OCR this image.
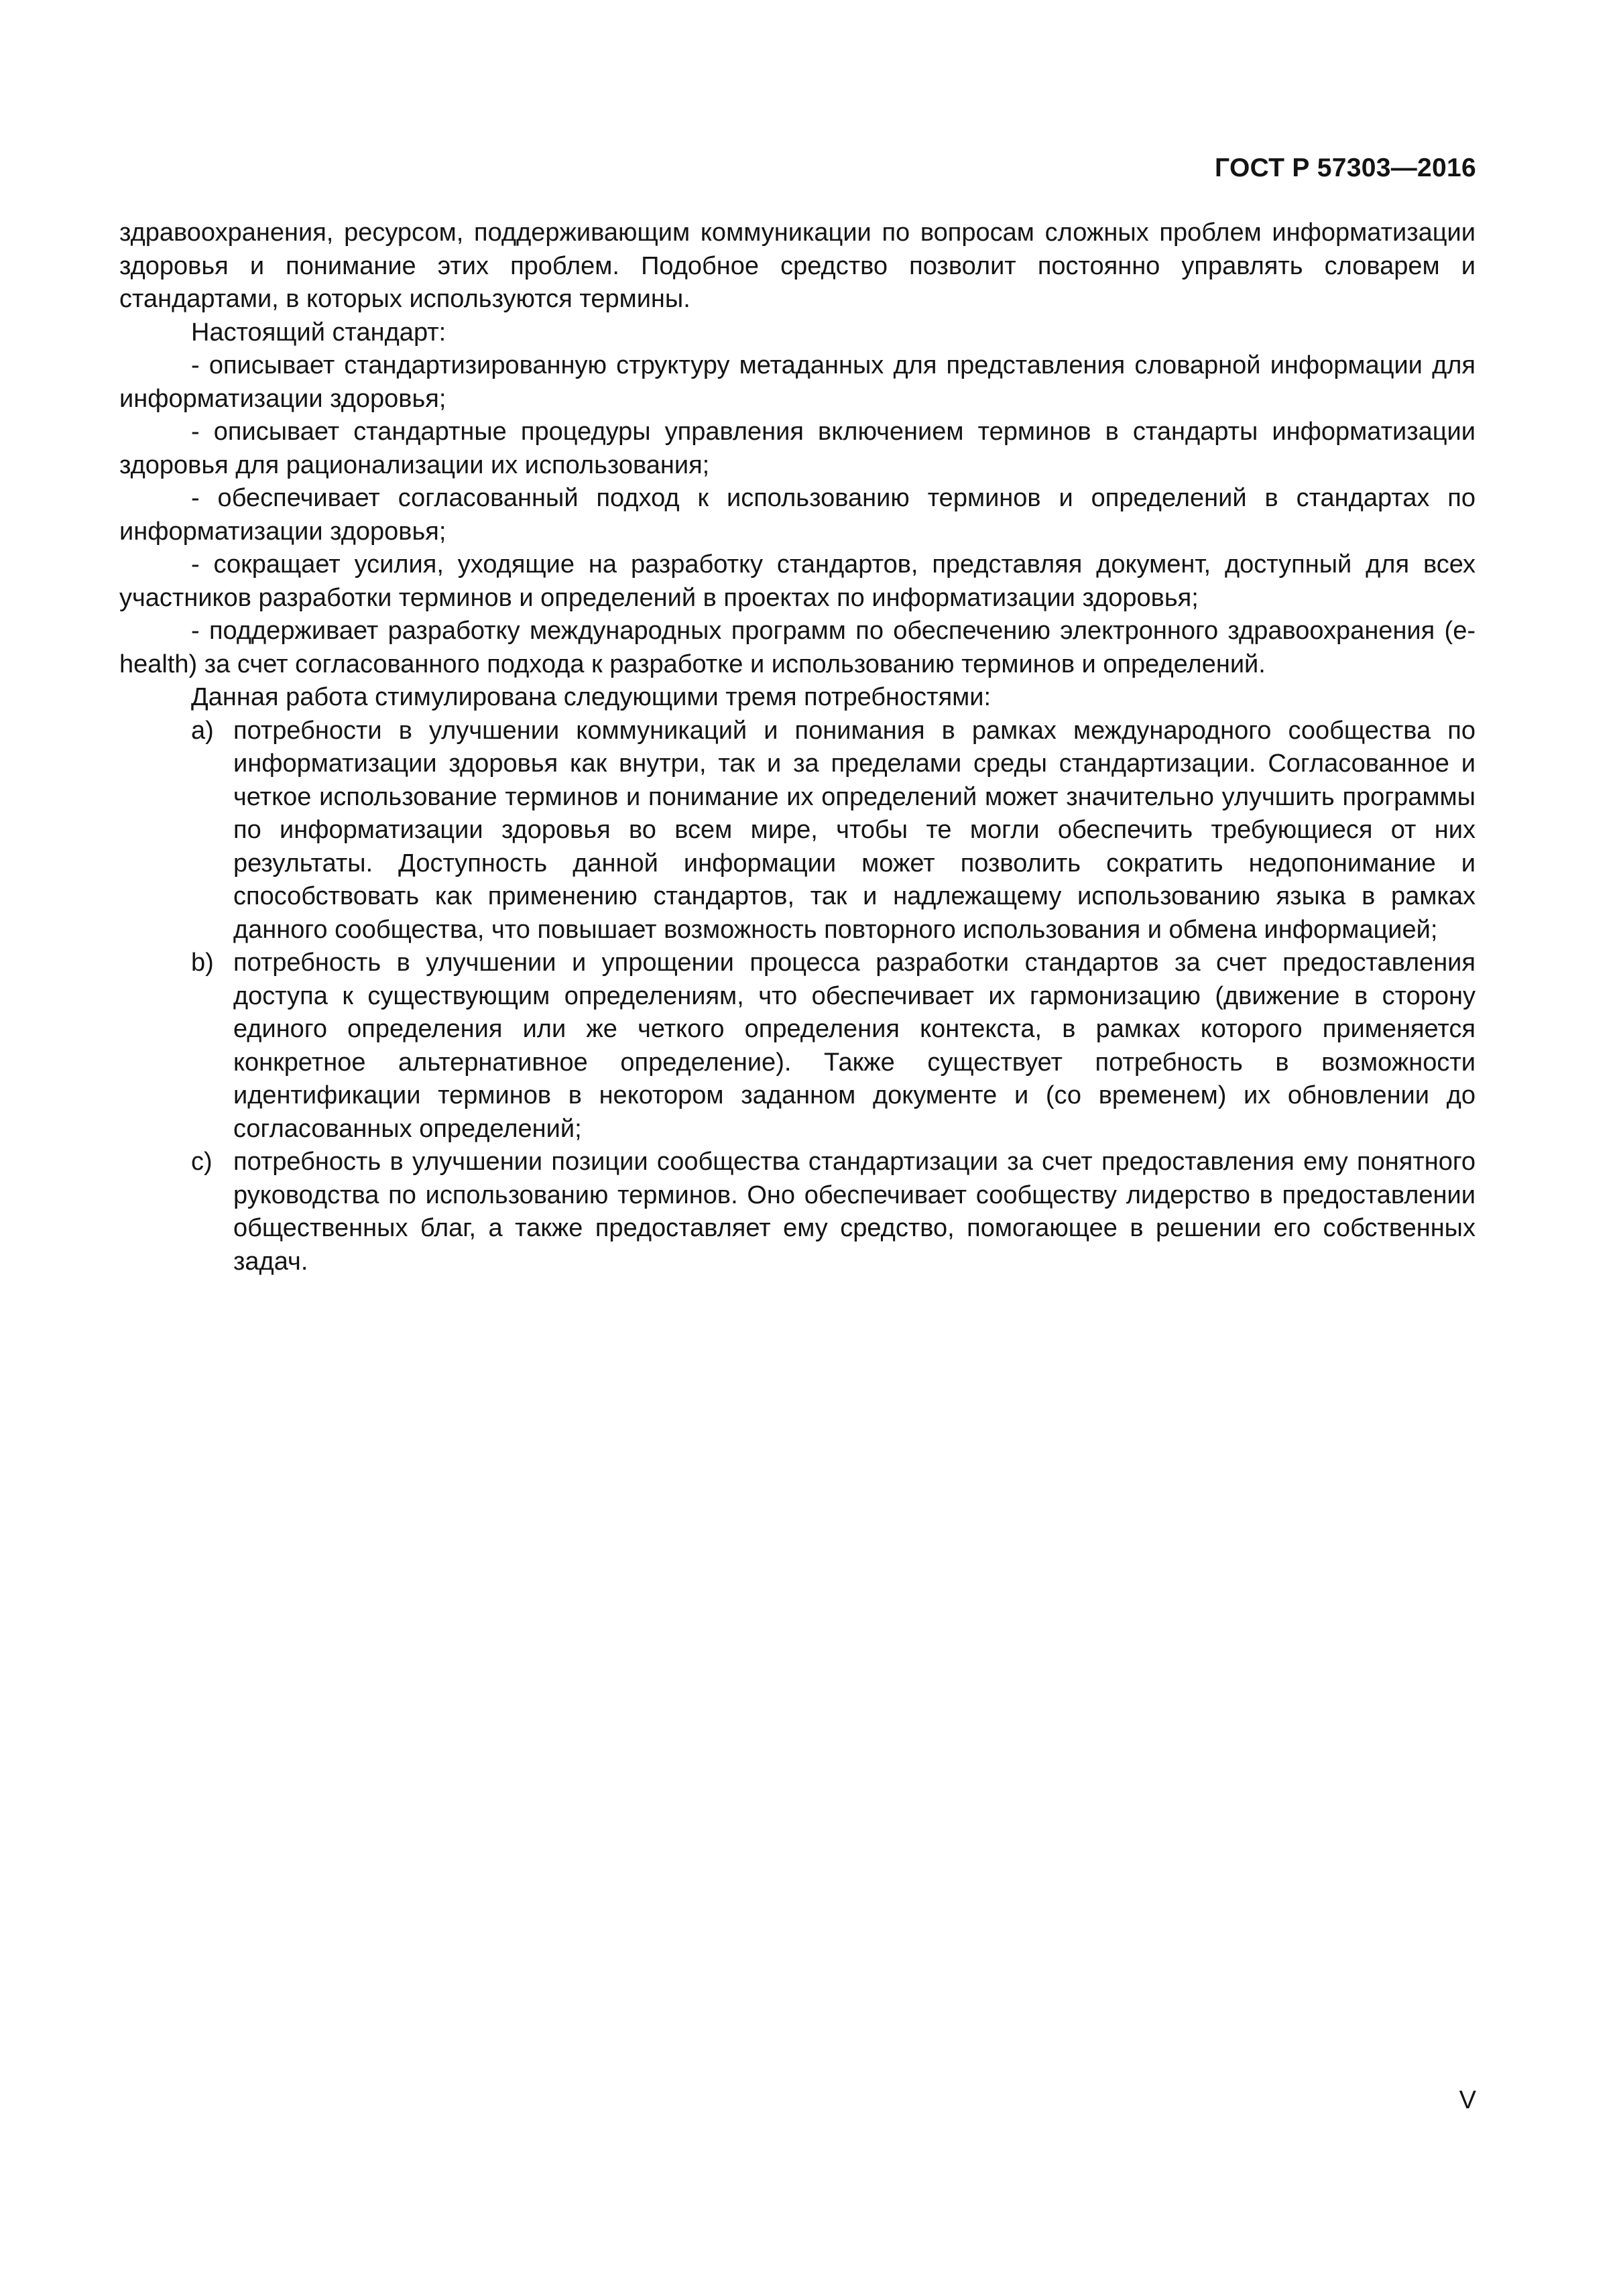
ГОСТ Р 57303—2016

здравоохранения, ресурсом, поддерживающим коммуникации по вопросам сложных проблем информатизации здоровья и понимание этих проблем. Подобное средство позволит постоянно управлять словарем и стандартами, в которых используются термины.

Настоящий стандарт:

- описывает стандартизированную структуру метаданных для представления словарной информации для информатизации здоровья;

- описывает стандартные процедуры управления включением терминов в стандарты информатизации здоровья для рационализации их использования;

- обеспечивает согласованный подход к использованию терминов и определений в стандартах по информатизации здоровья;

- сокращает усилия, уходящие на разработку стандартов, представляя документ, доступный для всех участников разработки терминов и определений в проектах по информатизации здоровья;

- поддерживает разработку международных программ по обеспечению электронного здравоохранения (e-health) за счет согласованного подхода к разработке и использованию терминов и определений.

Данная работа стимулирована следующими тремя потребностями:

a) потребности в улучшении коммуникаций и понимания в рамках международного сообщества по информатизации здоровья как внутри, так и за пределами среды стандартизации. Согласованное и четкое использование терминов и понимание их определений может значительно улучшить программы по информатизации здоровья во всем мире, чтобы те могли обеспечить требующиеся от них результаты. Доступность данной информации может позволить сократить недопонимание и способствовать как применению стандартов, так и надлежащему использованию языка в рамках данного сообщества, что повышает возможность повторного использования и обмена информацией;
b) потребность в улучшении и упрощении процесса разработки стандартов за счет предоставления доступа к существующим определениям, что обеспечивает их гармонизацию (движение в сторону единого определения или же четкого определения контекста, в рамках которого применяется конкретное альтернативное определение). Также существует потребность в возможности идентификации терминов в некотором заданном документе и (со временем) их обновлении до согласованных определений;
c) потребность в улучшении позиции сообщества стандартизации за счет предоставления ему понятного руководства по использованию терминов. Оно обеспечивает сообществу лидерство в предоставлении общественных благ, а также предоставляет ему средство, помогающее в решении его собственных задач.
V
